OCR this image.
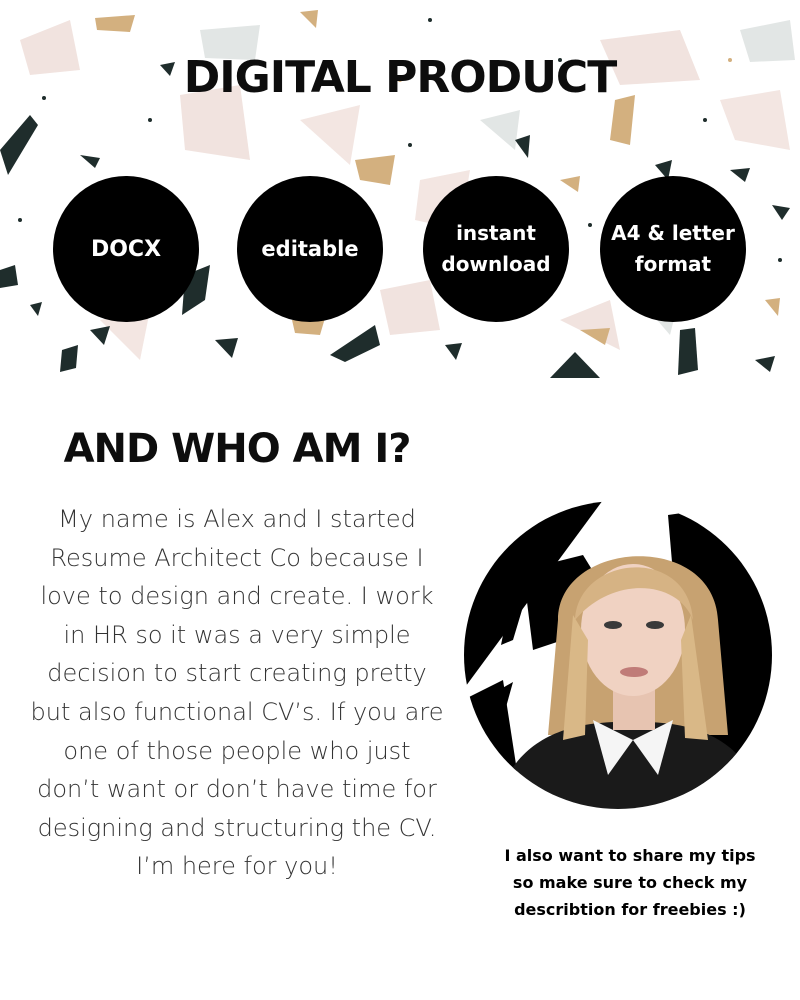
DIGITAL PRODUCT
DOCX	editable
instant
download
A4 & letter
format
AND WHO AM I?

My name is Alex and I started Resume Architect Co because I love to design and create. I work in HR so it was a very simple decision to start creating pretty but also functional CV’s. If you are one of those people who just don’t want or don’t have time for designing and structuring the CV. I’m here for you!	I also want to share my tips
so make sure to check my
describtion for freebies :)
